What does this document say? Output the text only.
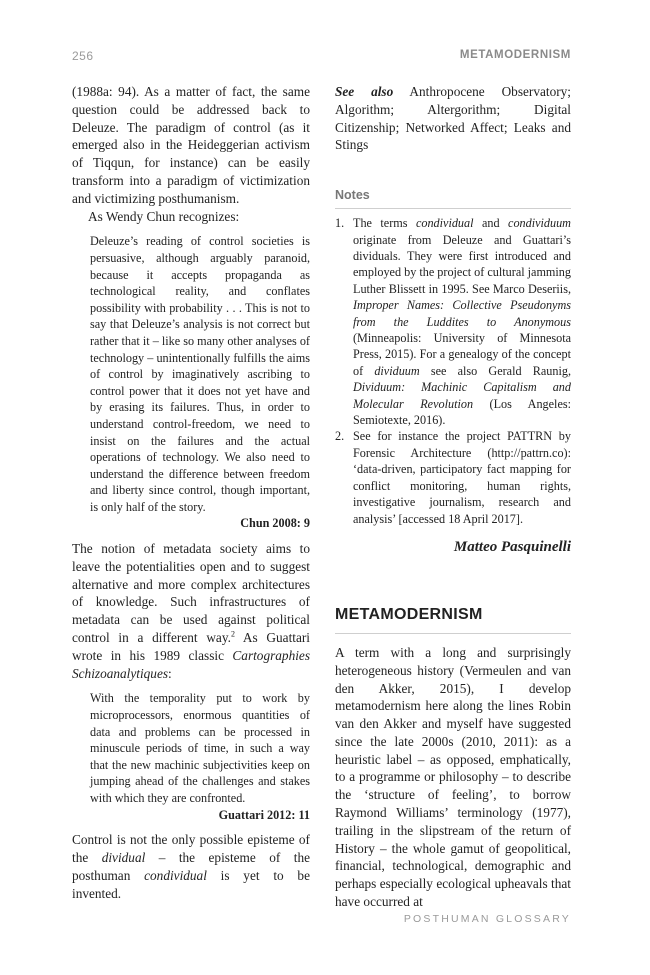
256	METAMODERNISM

(1988a: 94). As a matter of fact, the same question could be addressed back to Deleuze. The paradigm of control (as it emerged also in the Heideggerian activism of Tiqqun, for instance) can be easily transform into a paradigm of victimization and victimizing posthumanism.

As Wendy Chun recognizes:

Deleuze’s reading of control societies is persuasive, although arguably paranoid, because it accepts propaganda as technological reality, and conflates possibility with probability . . . This is not to say that Deleuze’s analysis is not correct but rather that it – like so many other analyses of technology – unintentionally fulfills the aims of control by imaginatively ascribing to control power that it does not yet have and by erasing its failures. Thus, in order to understand control-freedom, we need to insist on the failures and the actual operations of technology. We also need to understand the difference between freedom and liberty since control, though important, is only half of the story.
Chun 2008: 9

The notion of metadata society aims to leave the potentialities open and to suggest alternative and more complex architectures of knowledge. Such infrastructures of metadata can be used against political control in a different way.$^2$ As Guattari wrote in his 1989 classic Cartographies Schizoanalytiques:

With the temporality put to work by microprocessors, enormous quantities of data and problems can be processed in minuscule periods of time, in such a way that the new machinic subjectivities keep on jumping ahead of the challenges and stakes with which they are confronted.
Guattari 2012: 11

Control is not the only possible episteme of the dividual – the episteme of the posthuman condividual is yet to be invented.

See also Anthropocene Observatory; Algorithm; Altergorithm; Digital Citizenship; Networked Affect; Leaks and Stings

Notes
1. The terms condividual and condividuum originate from Deleuze and Guattari’s dividuals. They were first introduced and employed by the project of cultural jamming Luther Blissett in 1995. See Marco Deseriis, Improper Names: Collective Pseudonyms from the Luddites to Anonymous (Minneapolis: University of Minnesota Press, 2015). For a genealogy of the concept of dividuum see also Gerald Raunig, Dividuum: Machinic Capitalism and Molecular Revolution (Los Angeles: Semiotexte, 2016).
2. See for instance the project PATTRN by Forensic Architecture (http://pattrn.co): ‘data-driven, participatory fact mapping for conflict monitoring, human rights, investigative journalism, research and analysis’ [accessed 18 April 2017].
Matteo Pasquinelli
METAMODERNISM

A term with a long and surprisingly heterogeneous history (Vermeulen and van den Akker, 2015), I develop metamodernism here along the lines Robin van den Akker and myself have suggested since the late 2000s (2010, 2011): as a heuristic label – as opposed, emphatically, to a programme or philosophy – to describe the ‘structure of feeling’, to borrow Raymond Williams’ terminology (1977), trailing in the slipstream of the return of History – the whole gamut of geopolitical, financial, technological, demographic and perhaps especially ecological upheavals that have occurred at

POSTHUMAN GLOSSARY
